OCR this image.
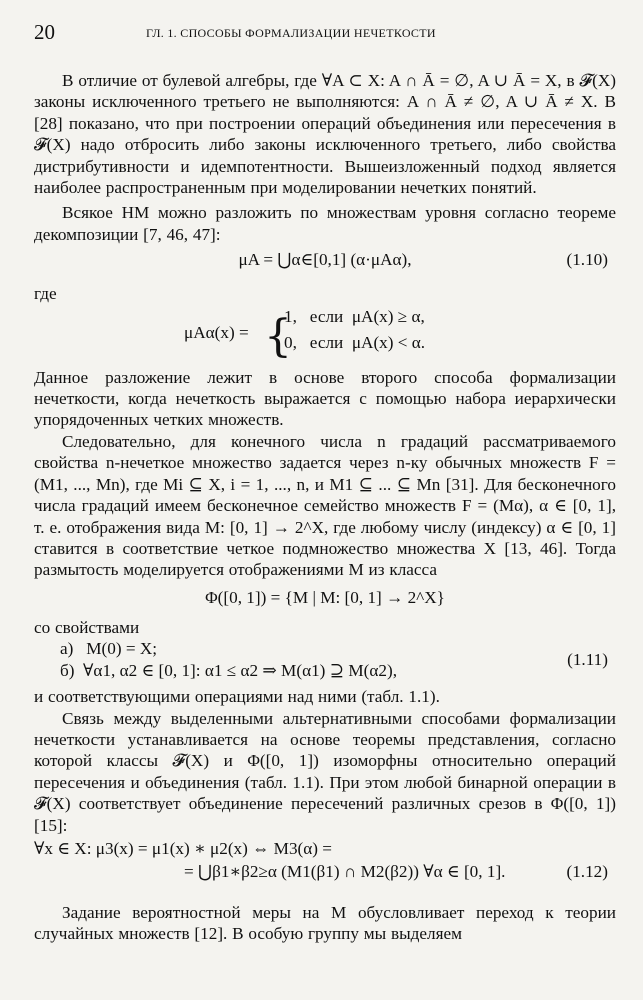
20	ГЛ. 1. СПОСОБЫ ФОРМАЛИЗАЦИИ НЕЧЕТКОСТИ

В отличие от булевой алгебры, где ∀A ⊂ X: A ∩ Ā = ∅, A ∪ Ā = X, в 𝓕(X) законы исключенного третьего не выполняются: A ∩ Ā ≠ ∅, A ∪ Ā ≠ X. В [28] показано, что при построении операций объединения или пересечения в 𝓕(X) надо отбросить либо законы исключенного третьего, либо свойства дистрибутивности и идемпотентности. Вышеизложенный подход является наиболее распространенным при моделировании нечетких понятий.

Всякое НМ можно разложить по множествам уровня согласно теореме декомпозиции [7, 46, 47]:

μA = ⋃α∈[0,1] (α·μAα),	(1.10)

где

μAα(x) = {
1,   если  μA(x) ≥ α,
0,   если  μA(x) < α.

Данное разложение лежит в основе второго способа формализации нечеткости, когда нечеткость выражается с помощью набора иерархически упорядоченных четких множеств.

Следовательно, для конечного числа n градаций рассматриваемого свойства n-нечеткое множество задается через n-ку обычных множеств F = (M1, ..., Mn), где Mi ⊆ X, i = 1, ..., n, и M1 ⊆ ... ⊆ Mn [31]. Для бесконечного числа градаций имеем бесконечное семейство множеств F = (Mα), α ∈ [0, 1], т. е. отображения вида M: [0, 1] → 2^X, где любому числу (индексу) α ∈ [0, 1] ставится в соответствие четкое подмножество множества X [13, 46]. Тогда размытость моделируется отображениями M из класса

Φ([0, 1]) = {M | M: [0, 1] → 2^X}

со свойствами

а)   M(0) = X;
б)  ∀α1, α2 ∈ [0, 1]: α1 ≤ α2 ⇒ M(α1) ⊇ M(α2),
(1.11)

и соответствующими операциями над ними (табл. 1.1).

Связь между выделенными альтернативными способами формализации нечеткости устанавливается на основе теоремы представления, согласно которой классы 𝓕(X) и Φ([0, 1]) изоморфны относительно операций пересечения и объединения (табл. 1.1). При этом любой бинарной операции в 𝓕(X) соответствует объединение пересечений различных срезов в Φ([0, 1]) [15]:

∀x ∈ X: μ3(x) = μ1(x) ∗ μ2(x) ⇔ M3(α) =
= ⋃β1∗β2≥α (M1(β1) ∩ M2(β2)) ∀α ∈ [0, 1].	(1.12)

Задание вероятностной меры на M обусловливает переход к теории случайных множеств [12]. В особую группу мы выделяем
